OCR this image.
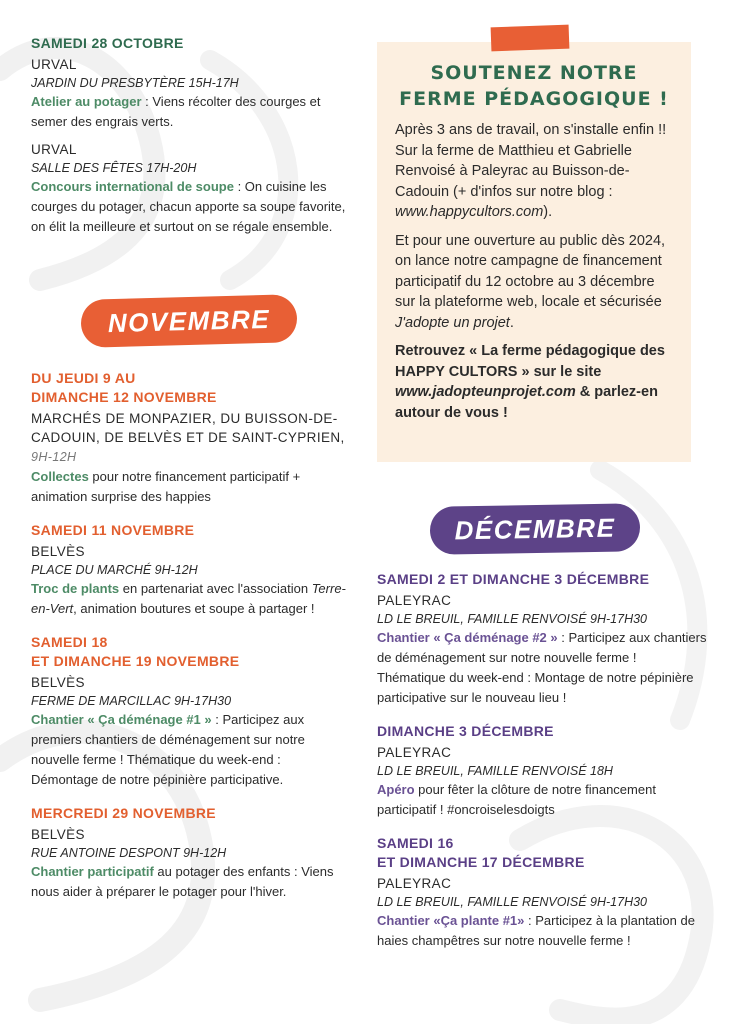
SAMEDI 28 OCTOBRE
URVAL
JARDIN DU PRESBYTÈRE 15H-17H
Atelier au potager : Viens récolter des courges et semer des engrais verts.
URVAL
SALLE DES FÊTES 17H-20H
Concours international de soupe : On cuisine les courges du potager, chacun apporte sa soupe favorite, on élit la meilleure et surtout on se régale ensemble.
NOVEMBRE
DU JEUDI 9 AU
DIMANCHE 12 NOVEMBRE
MARCHÉS DE MONPAZIER, DU BUISSON-DE-CADOUIN, DE BELVÈS ET DE SAINT-CYPRIEN, 9H-12H
Collectes pour notre financement participatif + animation surprise des happies
SAMEDI 11 NOVEMBRE
BELVÈS
PLACE DU MARCHÉ 9H-12H
Troc de plants en partenariat avec l'association Terre-en-Vert, animation boutures et soupe à partager !
SAMEDI 18
ET DIMANCHE 19 NOVEMBRE
BELVÈS
FERME DE MARCILLAC 9H-17H30
Chantier « Ça déménage #1 » : Participez aux premiers chantiers de déménagement sur notre nouvelle ferme ! Thématique du week-end : Démontage de notre pépinière participative.
MERCREDI 29 NOVEMBRE
BELVÈS
RUE ANTOINE DESPONT 9H-12H
Chantier participatif au potager des enfants : Viens nous aider à préparer le potager pour l'hiver.
SOUTENEZ NOTRE
FERME PÉDAGOGIQUE !

Après 3 ans de travail, on s'installe enfin !! Sur la ferme de Matthieu et Gabrielle Renvoisé à Paleyrac au Buisson-de-Cadouin (+ d'infos sur notre blog : www.happycultors.com).

Et pour une ouverture au public dès 2024, on lance notre campagne de financement participatif du 12 octobre au 3 décembre sur la plateforme web, locale et sécurisée J'adopte un projet.

Retrouvez « La ferme pédagogique des HAPPY CULTORS » sur le site www.jadopteunprojet.com & parlez-en autour de vous !

DÉCEMBRE
SAMEDI 2 ET DIMANCHE 3 DÉCEMBRE
PALEYRAC
LD LE BREUIL, FAMILLE RENVOISÉ 9H-17H30
Chantier « Ça déménage #2 » : Participez aux chantiers de déménagement sur notre nouvelle ferme ! Thématique du week-end : Montage de notre pépinière participative sur le nouveau lieu !
DIMANCHE 3 DÉCEMBRE
PALEYRAC
LD LE BREUIL, FAMILLE RENVOISÉ 18H
Apéro pour fêter la clôture de notre financement participatif ! #oncroiselesdoigts
SAMEDI 16
ET DIMANCHE 17 DÉCEMBRE
PALEYRAC
LD LE BREUIL, FAMILLE RENVOISÉ 9H-17H30
Chantier «Ça plante #1» : Participez à la plantation de haies champêtres sur notre nouvelle ferme !
